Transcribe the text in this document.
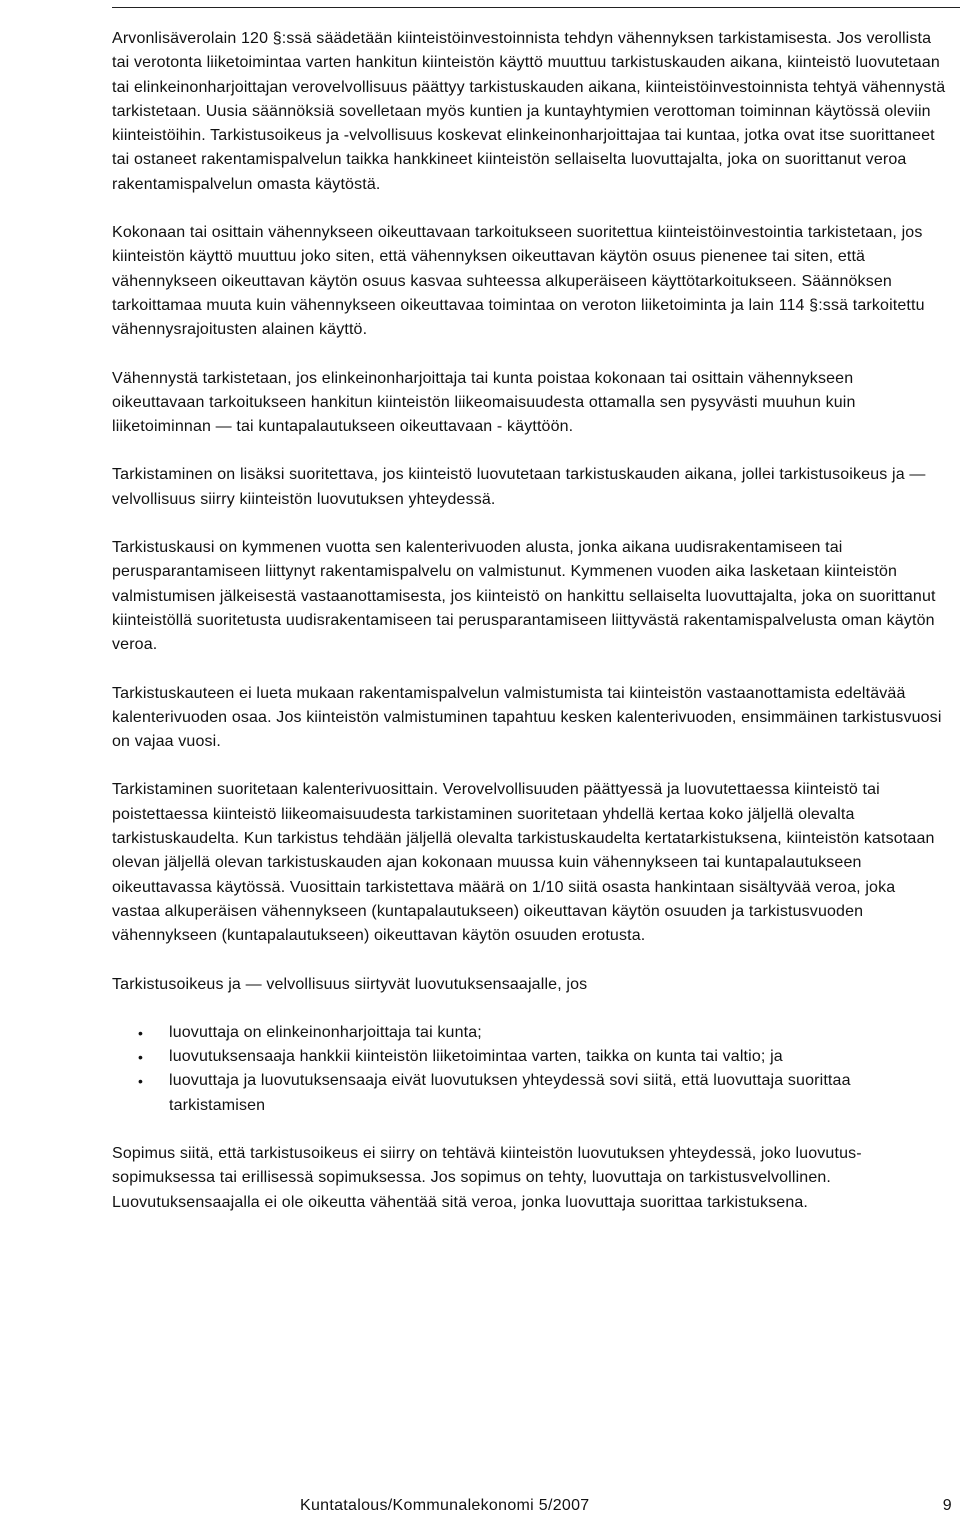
Arvonlisäverolain 120 §:ssä säädetään kiinteistöinvestoinnista tehdyn vähennyksen tarkistamisesta. Jos verollista tai verotonta liiketoimintaa varten hankitun kiinteistön käyttö muuttuu tarkistuskauden aikana, kiinteistö luovutetaan tai elinkeinonharjoittajan verovelvollisuus päättyy tarkistuskauden aikana, kiinteistöinvestoinnista tehtyä vähennystä tarkistetaan. Uusia säännöksiä sovelletaan myös kuntien ja kuntayhtymien verottoman toiminnan käytössä oleviin kiinteistöihin. Tarkistusoikeus ja -velvollisuus koskevat elinkeinonharjoittajaa tai kuntaa, jotka ovat itse suorittaneet tai ostaneet rakentamispalvelun taikka hankkineet kiinteistön sellaiselta luovuttajalta, joka on suorittanut veroa rakentamispalvelun omasta käytöstä.

Kokonaan tai osittain vähennykseen oikeuttavaan tarkoitukseen suoritettua kiinteistöinvestointia tarkistetaan, jos kiinteistön käyttö muuttuu joko siten, että vähennyksen oikeuttavan käytön osuus pienenee tai siten, että vähennykseen oikeuttavan käytön osuus kasvaa suhteessa alkuperäiseen käyttötarkoitukseen. Säännöksen tarkoittamaa muuta kuin vähennykseen oikeuttavaa toimintaa on veroton liiketoiminta ja lain 114 §:ssä tarkoitettu vähennysrajoitusten alainen käyttö.

Vähennystä tarkistetaan, jos elinkeinonharjoittaja tai kunta poistaa kokonaan tai osittain vähennykseen oikeuttavaan tarkoitukseen hankitun kiinteistön liikeomaisuudesta ottamalla sen pysyvästi muuhun kuin liiketoiminnan — tai kuntapalautukseen oikeuttavaan - käyttöön.

Tarkistaminen on lisäksi suoritettava, jos kiinteistö luovutetaan tarkistuskauden aikana, jollei tarkistusoikeus ja — velvollisuus siirry kiinteistön luovutuksen yhteydessä.

Tarkistuskausi on kymmenen vuotta sen kalenterivuoden alusta, jonka aikana uudisrakentamiseen tai perusparantamiseen liittynyt rakentamispalvelu on valmistunut. Kymmenen vuoden aika lasketaan kiinteistön valmistumisen jälkeisestä vastaanottamisesta, jos kiinteistö on hankittu sellaiselta luovuttajalta, joka on suorittanut kiinteistöllä suoritetusta uudisrakentamiseen tai perusparantamiseen liittyvästä rakentamispalvelusta oman käytön veroa.

Tarkistuskauteen ei lueta mukaan rakentamispalvelun valmistumista tai kiinteistön vastaanottamista edeltävää kalenterivuoden osaa. Jos kiinteistön valmistuminen tapahtuu kesken kalenterivuoden, ensimmäinen tarkistusvuosi on vajaa vuosi.

Tarkistaminen suoritetaan kalenterivuosittain. Verovelvollisuuden päättyessä ja luovutettaessa kiinteistö tai poistettaessa kiinteistö liikeomaisuudesta tarkistaminen suoritetaan yhdellä kertaa koko jäljellä olevalta tarkistuskaudelta. Kun tarkistus tehdään jäljellä olevalta tarkistuskaudelta kertatarkistuksena, kiinteistön katsotaan olevan jäljellä olevan tarkistuskauden ajan kokonaan muussa kuin vähennykseen tai kuntapalautukseen oikeuttavassa käytössä. Vuosittain tarkistettava määrä on 1/10 siitä osasta hankintaan sisältyvää veroa, joka vastaa alkuperäisen vähennykseen (kuntapalautukseen) oikeuttavan käytön osuuden ja tarkistusvuoden vähennykseen (kuntapalautukseen) oikeuttavan käytön osuuden erotusta.

Tarkistusoikeus ja — velvollisuus siirtyvät luovutuksensaajalle, jos

• luovuttaja on elinkeinonharjoittaja tai kunta;
• luovutuksensaaja hankkii kiinteistön liiketoimintaa varten, taikka on kunta tai valtio; ja
• luovuttaja ja luovutuksensaaja eivät luovutuksen yhteydessä sovi siitä, että luovuttaja suorittaa tarkistamisen

Sopimus siitä, että tarkistusoikeus ei siirry on tehtävä kiinteistön luovutuksen yhteydessä, joko luovutus-sopimuksessa tai erillisessä sopimuksessa. Jos sopimus on tehty, luovuttaja on tarkistusvelvollinen. Luovutuksensaajalla ei ole oikeutta vähentää sitä veroa, jonka luovuttaja suorittaa tarkistuksena.

Kuntatalous/Kommunalekonomi 5/2007	9
